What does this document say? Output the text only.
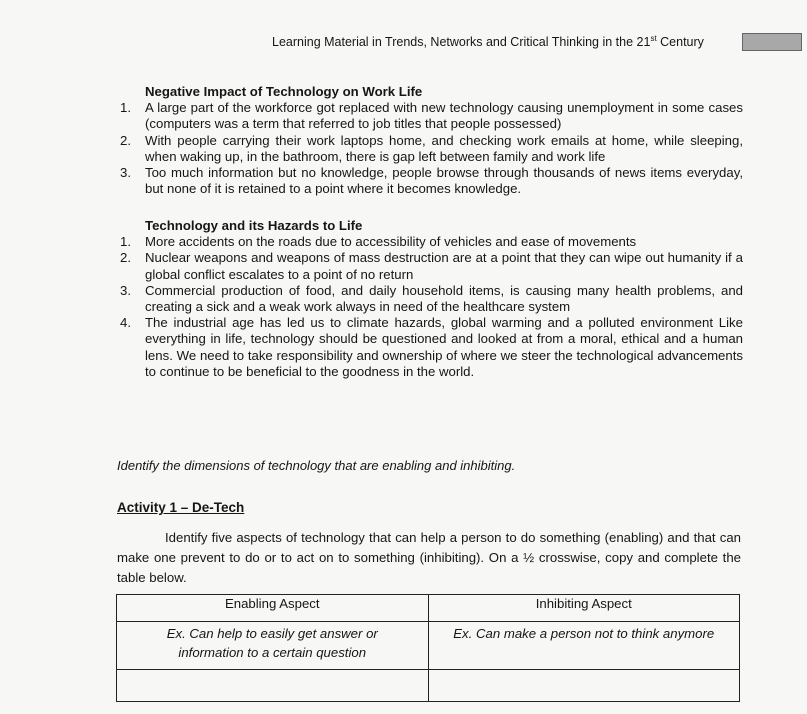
Learning Material in Trends, Networks and Critical Thinking in the 21st Century
Negative Impact of Technology on Work Life
1. A large part of the workforce got replaced with new technology causing unemployment in some cases (computers was a term that referred to job titles that people possessed)
2. With people carrying their work laptops home, and checking work emails at home, while sleeping, when waking up, in the bathroom, there is gap left between family and work life
3. Too much information but no knowledge, people browse through thousands of news items everyday, but none of it is retained to a point where it becomes knowledge.
Technology and its Hazards to Life
1. More accidents on the roads due to accessibility of vehicles and ease of movements
2. Nuclear weapons and weapons of mass destruction are at a point that they can wipe out humanity if a global conflict escalates to a point of no return
3. Commercial production of food, and daily household items, is causing many health problems, and creating a sick and a weak work always in need of the healthcare system
4. The industrial age has led us to climate hazards, global warming and a polluted environment Like everything in life, technology should be questioned and looked at from a moral, ethical and a human lens. We need to take responsibility and ownership of where we steer the technological advancements to continue to be beneficial to the goodness in the world.
Identify the dimensions of technology that are enabling and inhibiting.
Activity 1 – De-Tech
Identify five aspects of technology that can help a person to do something (enabling) and that can make one prevent to do or to act on to something (inhibiting). On a ½ crosswise, copy and complete the table below.
Enabling Aspect	Inhibiting Aspect
Ex. Can help to easily get answer or information to a certain question	Ex. Can make a person not to think anymore
